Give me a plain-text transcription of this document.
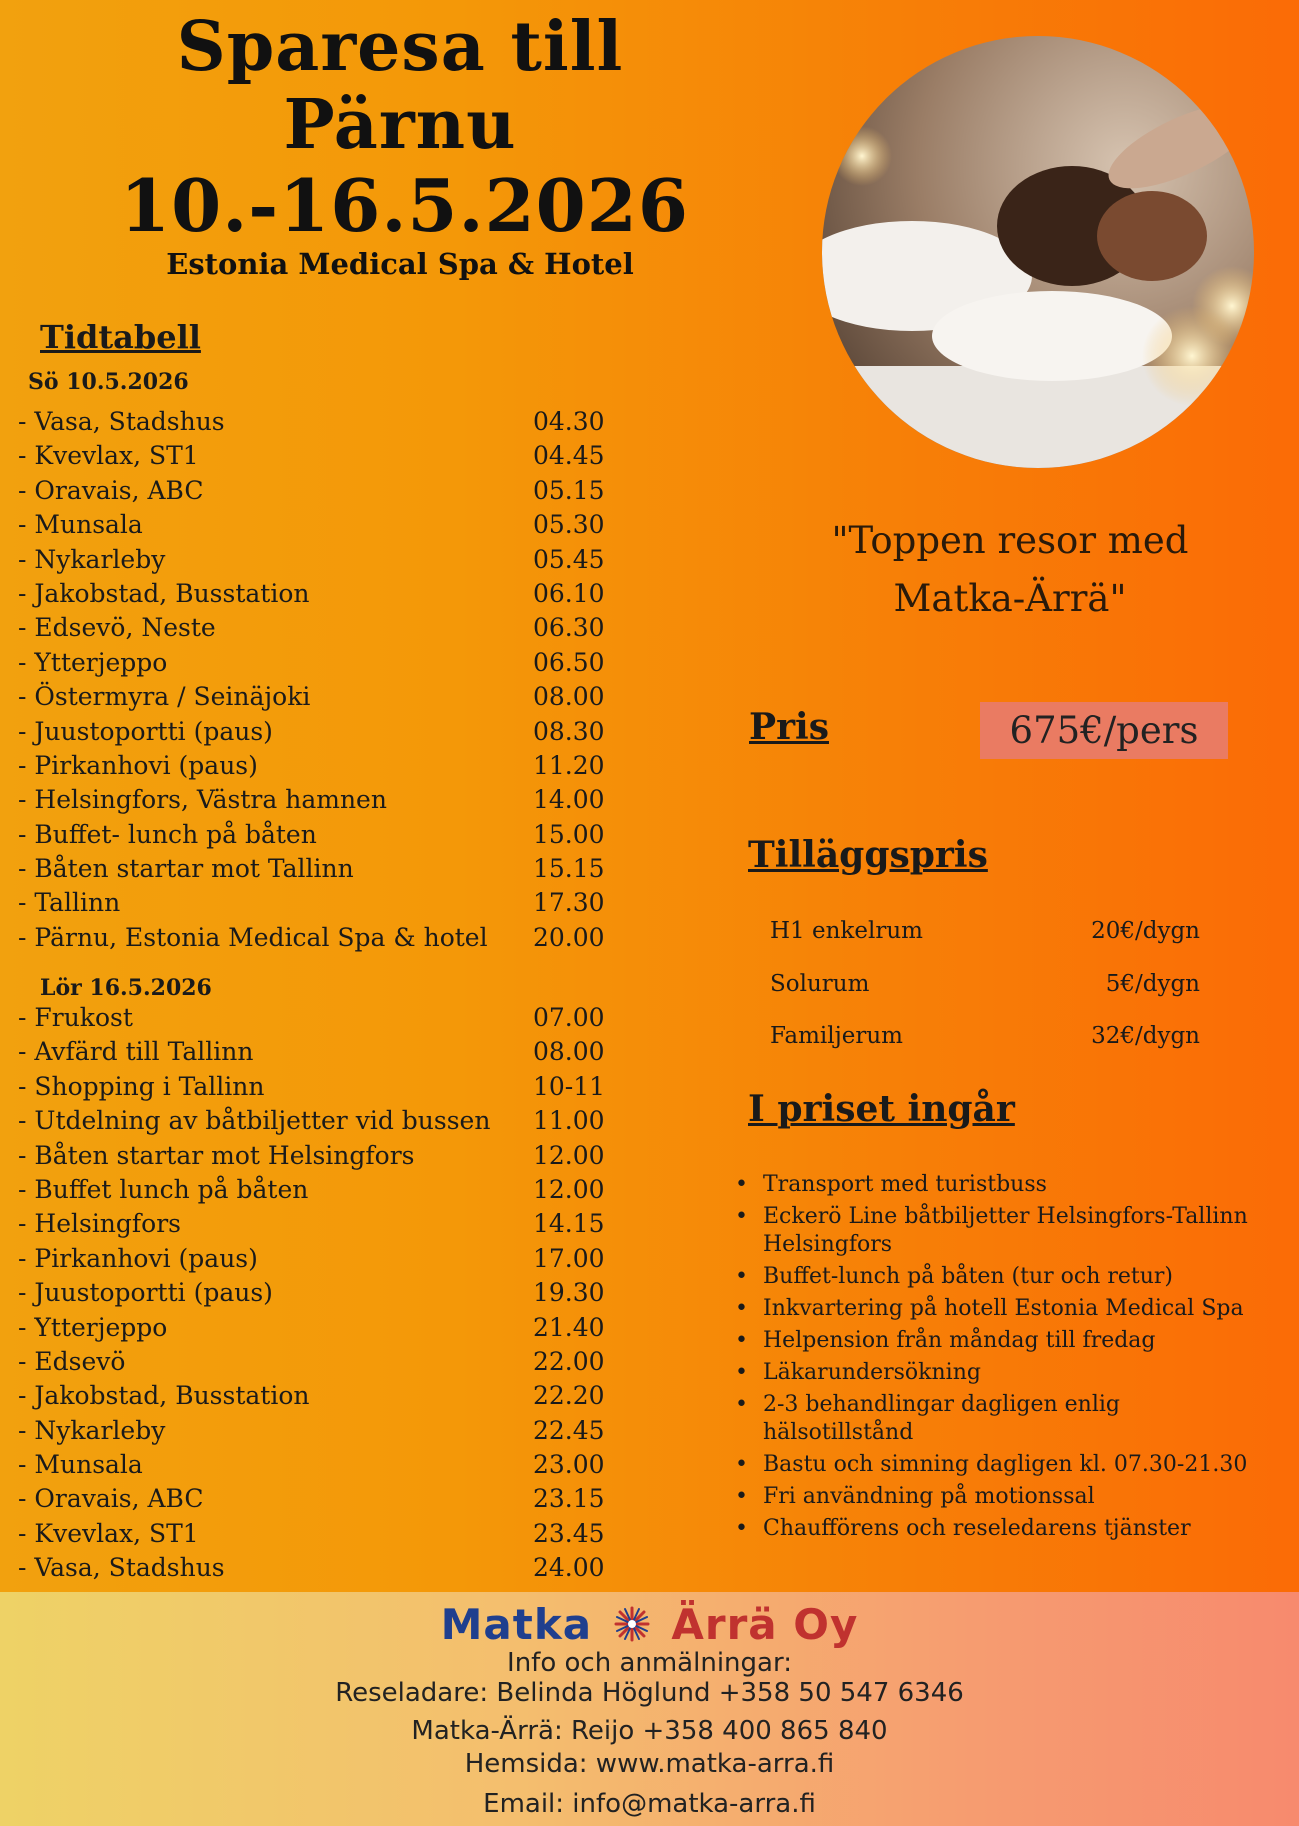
Sparesa till
Pärnu
10.-16.5.2026
Estonia Medical Spa & Hotel
Tidtabell
Sö 10.5.2026
- Vasa, Stadshus	04.30
- Kvevlax, ST1	04.45
- Oravais, ABC	05.15
- Munsala	05.30
- Nykarleby	05.45
- Jakobstad, Busstation	06.10
- Edsevö, Neste	06.30
- Ytterjeppo	06.50
- Östermyra / Seinäjoki	08.00
- Juustoportti (paus)	08.30
- Pirkanhovi (paus)	11.20
- Helsingfors, Västra hamnen	14.00
- Buffet- lunch på båten	15.00
- Båten startar mot Tallinn	15.15
- Tallinn	17.30
- Pärnu, Estonia Medical Spa & hotel 20.00
Lör 16.5.2026
- Frukost	07.00
- Avfärd till Tallinn	08.00
- Shopping i Tallinn	10-11
- Utdelning av båtbiljetter vid bussen 11.00
- Båten startar mot Helsingfors	12.00
- Buffet lunch på båten	12.00
- Helsingfors	14.15
- Pirkanhovi (paus)	17.00
- Juustoportti (paus)	19.30
- Ytterjeppo	21.40
- Edsevö	22.00
- Jakobstad, Busstation	22.20
- Nykarleby	22.45
- Munsala	23.00
- Oravais, ABC	23.15
- Kvevlax, ST1	23.45
- Vasa, Stadshus	24.00
"Toppen resor med
Matka-Ärrä"
Pris	675€/pers
Tilläggspris
H1 enkelrum	20€/dygn
Solurum	5€/dygn
Familjerum	32€/dygn
I priset ingår
• Transport med turistbuss
• Eckerö Line båtbiljetter Helsingfors-Tallinn Helsingfors
• Buffet-lunch på båten (tur och retur)
• Inkvartering på hotell Estonia Medical Spa
• Helpension från måndag till fredag
• Läkarundersökning
• 2-3 behandlingar dagligen enlig hälsotillstånd
• Bastu och simning dagligen kl. 07.30-21.30
• Fri användning på motionssal
• Chaufförens och reseledarens tjänster
Matka Ärrä Oy
Info och anmälningar:
Reseladare: Belinda Höglund +358 50 547 6346
Matka-Ärrä: Reijo +358 400 865 840
Hemsida: www.matka-arra.fi
Email: info@matka-arra.fi
